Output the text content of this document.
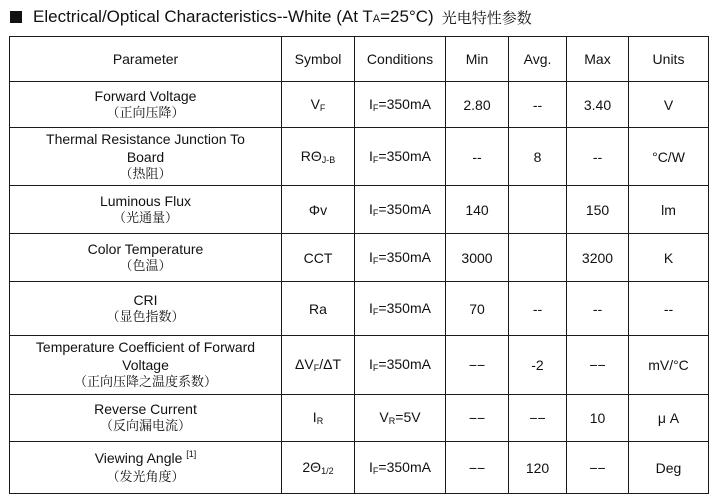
Electrical/Optical Characteristics--White (At TA=25°C) 光电特性参数
Parameter	Symbol	Conditions	Min	Avg.	Max	Units

Forward Voltage
（正向压降）	$V_F$	$I_F=350mA$	2.80	--	3.40	V

Thermal Resistance Junction To
Board
（热阻）	$R\Theta_{J-B}$	$I_F=350mA$	--	8	--	°C/W

Luminous Flux
（光通量）	Φv	$I_F=350mA$	140		150	lm

Color Temperature
（色温）	CCT	$I_F=350mA$	3000		3200	K

CRI
（显色指数）	Ra	$I_F=350mA$	70	--	--	--

Temperature Coefficient of Forward
Voltage
（正向压降之温度系数）	$\Delta V_F/\Delta T$	$I_F=350mA$	−−	-2	−−	mV/°C

Reverse Current
（反向漏电流）	$I_R$	$V_R=5V$	−−	−−	10	μ A

Viewing Angle [1]
（发光角度）	$2\Theta_{1/2}$	$I_F=350mA$	−−	120	−−	Deg
